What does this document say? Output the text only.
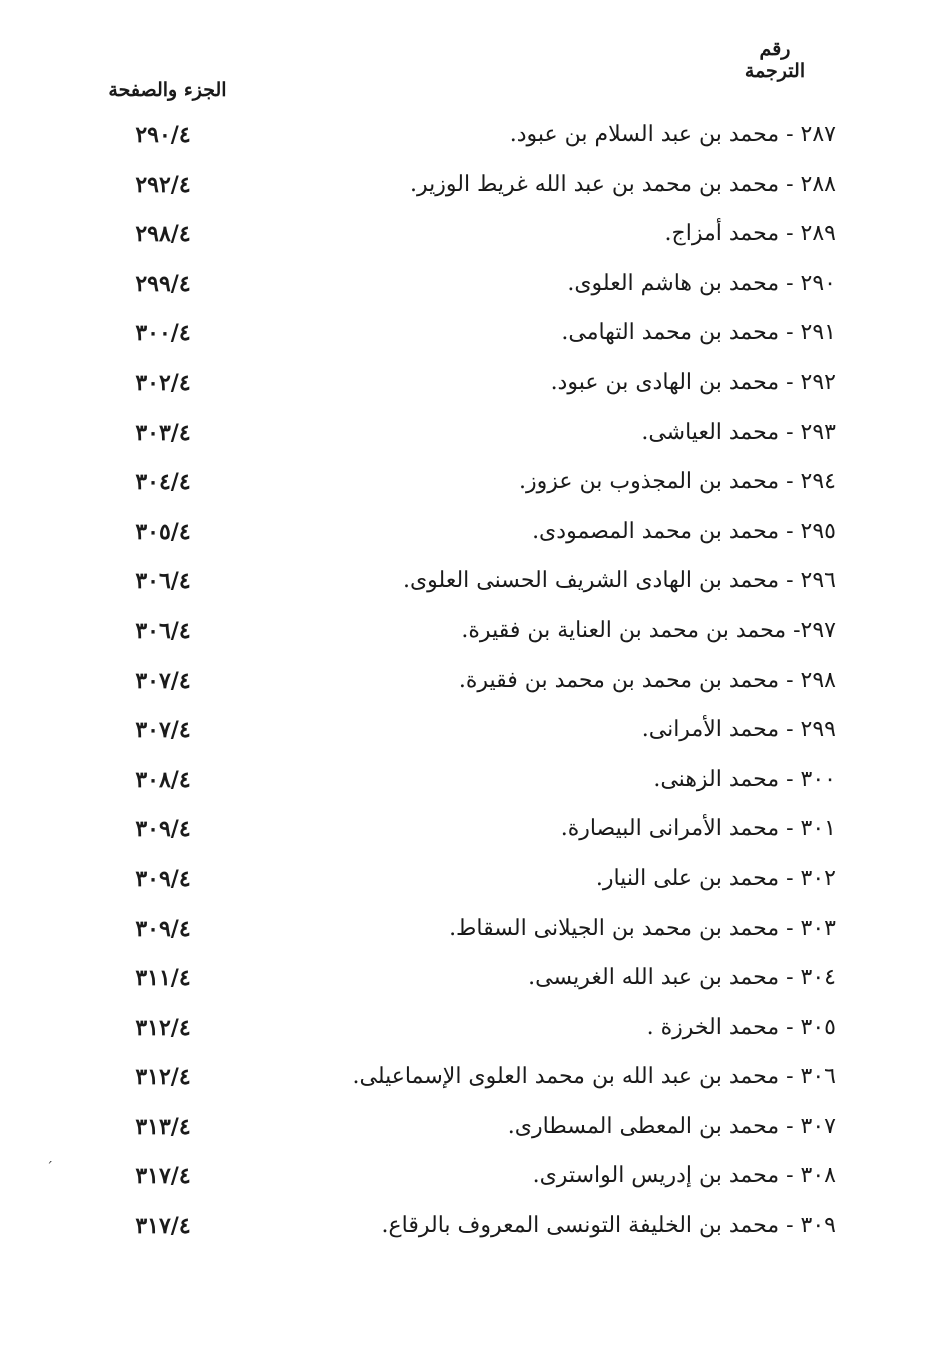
رقم
الترجمة
الجزء والصفحة
٢٨٧ - محمد بن عبد السلام بن عبود.
٢٩٠/٤
٢٨٨ - محمد بن محمد بن عبد الله غريط الوزير.
٢٩٢/٤
٢٨٩ - محمد أمزاج.
٢٩٨/٤
٢٩٠ - محمد بن هاشم العلوى.
٢٩٩/٤
٢٩١ - محمد بن محمد التهامى.
٣٠٠/٤
٢٩٢ - محمد بن الهادى بن عبود.
٣٠٢/٤
٢٩٣ - محمد العياشى.
٣٠٣/٤
٢٩٤ - محمد بن المجذوب بن عزوز.
٣٠٤/٤
٢٩٥ - محمد بن محمد المصمودى.
٣٠٥/٤
٢٩٦ - محمد بن الهادى الشريف الحسنى العلوى.
٣٠٦/٤
٢٩٧- محمد بن محمد بن العناية بن فقيرة.
٣٠٦/٤
٢٩٨ - محمد بن محمد بن محمد بن فقيرة.
٣٠٧/٤
٢٩٩ - محمد الأمرانى.
٣٠٧/٤
٣٠٠ - محمد الزهنى.
٣٠٨/٤
٣٠١ - محمد الأمرانى البيصارة.
٣٠٩/٤
٣٠٢ - محمد بن على النيار.
٣٠٩/٤
٣٠٣ - محمد بن محمد بن الجيلانى السقاط.
٣٠٩/٤
٣٠٤ - محمد بن عبد الله الغريسى.
٣١١/٤
٣٠٥ - محمد الخرزة .
٣١٢/٤
٣٠٦ - محمد بن عبد الله بن محمد العلوى الإسماعيلى.
٣١٢/٤
٣٠٧ - محمد بن المعطى المسطارى.
٣١٣/٤
٣٠٨ - محمد بن إدريس الواسترى.
٣١٧/٤
٣٠٩ - محمد بن الخليفة التونسى المعروف بالرقاع.
٣١٧/٤
´
